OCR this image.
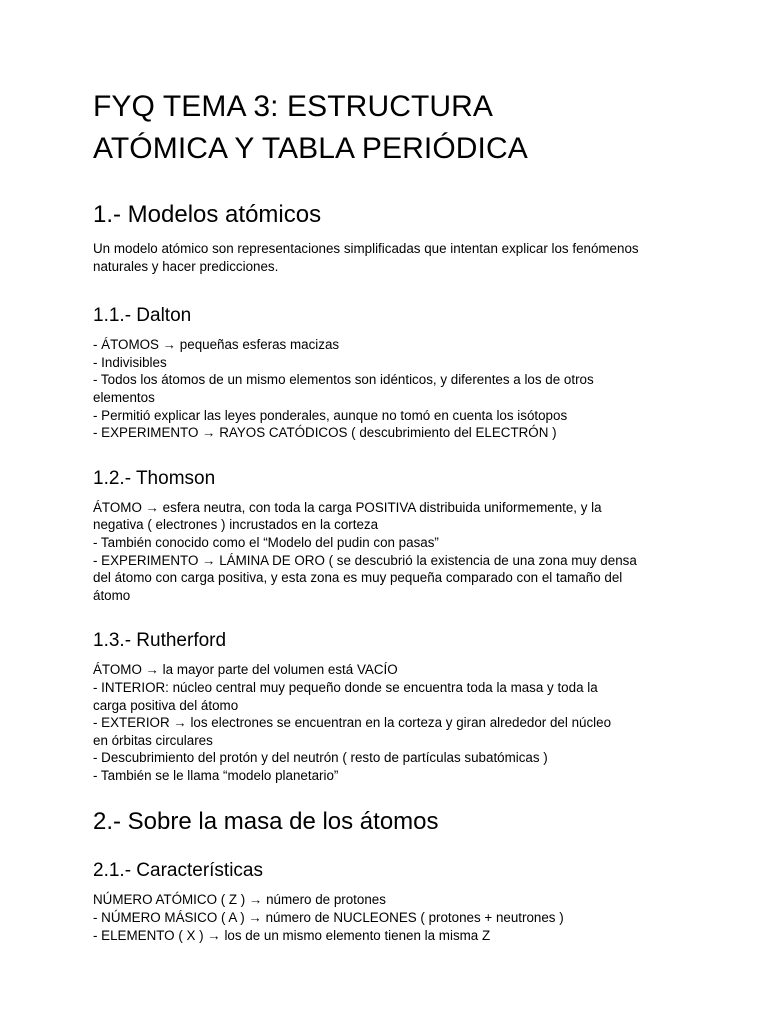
FYQ TEMA 3: ESTRUCTURA
ATÓMICA Y TABLA PERIÓDICA
1.- Modelos atómicos
Un modelo atómico son representaciones simplificadas que intentan explicar los fenómenos
naturales y hacer predicciones.
1.1.- Dalton
- ÁTOMOS → pequeñas esferas macizas
- Indivisibles
- Todos los átomos de un mismo elementos son idénticos, y diferentes a los de otros
elementos
- Permitió explicar las leyes ponderales, aunque no tomó en cuenta los isótopos
- EXPERIMENTO → RAYOS CATÓDICOS ( descubrimiento del ELECTRÓN )
1.2.- Thomson
ÁTOMO → esfera neutra, con toda la carga POSITIVA distribuida uniformemente, y la
negativa ( electrones ) incrustados en la corteza
- También conocido como el “Modelo del pudin con pasas”
- EXPERIMENTO → LÁMINA DE ORO ( se descubrió la existencia de una zona muy densa
del átomo con carga positiva, y esta zona es muy pequeña comparado con el tamaño del
átomo
1.3.- Rutherford
ÁTOMO → la mayor parte del volumen está VACÍO
- INTERIOR: núcleo central muy pequeño donde se encuentra toda la masa y toda la
carga positiva del átomo
- EXTERIOR → los electrones se encuentran en la corteza y giran alrededor del núcleo
en órbitas circulares
- Descubrimiento del protón y del neutrón ( resto de partículas subatómicas )
- También se le llama “modelo planetario”
2.- Sobre la masa de los átomos
2.1.- Características
NÚMERO ATÓMICO ( Z ) → número de protones
- NÚMERO MÁSICO ( A ) → número de NUCLEONES ( protones + neutrones )
- ELEMENTO ( X ) → los de un mismo elemento tienen la misma Z
